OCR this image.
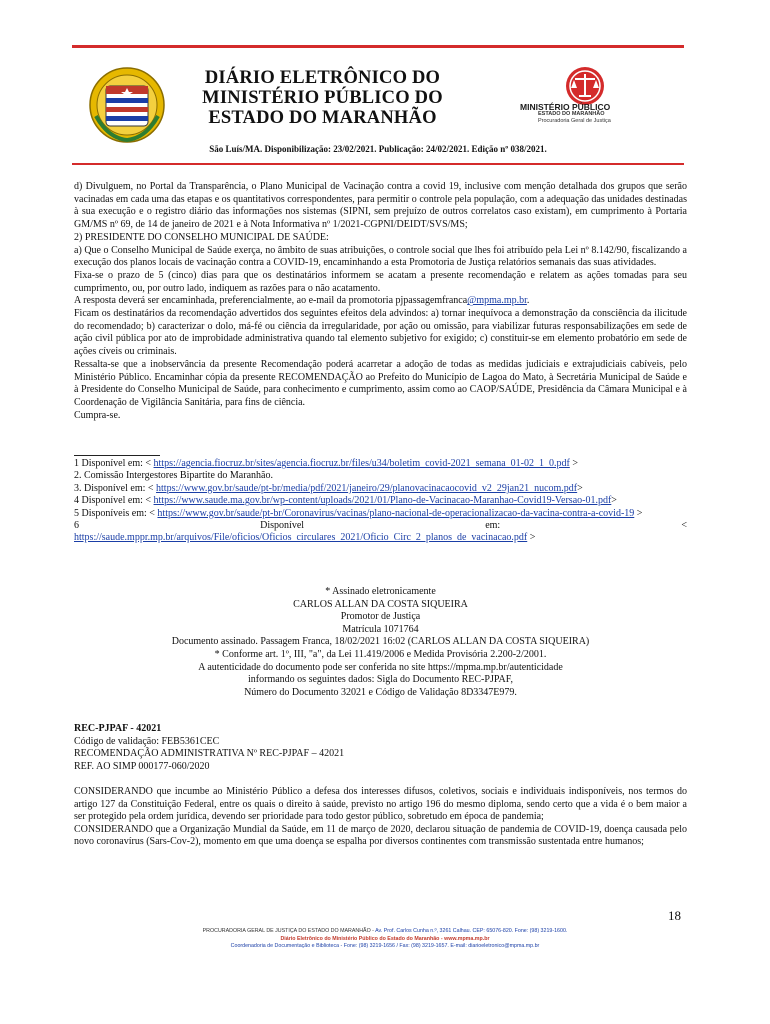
DIÁRIO ELETRÔNICO DO
MINISTÉRIO PÚBLICO DO
ESTADO DO MARANHÃO
MINISTÉRIO PÚBLICO
ESTADO DO MARANHÃO
Procuradoria Geral de Justiça
São Luís/MA. Disponibilização: 23/02/2021. Publicação: 24/02/2021. Edição nº 038/2021.

d) Divulguem, no Portal da Transparência, o Plano Municipal de Vacinação contra a covid 19, inclusive com menção detalhada dos grupos que serão vacinadas em cada uma das etapas e os quantitativos correspondentes, para permitir o controle pela população, com a adequação das unidades destinadas à sua execução e o registro diário das informações nos sistemas (SIPNI, sem prejuízo de outros correlatos caso existam), em cumprimento à Portaria GM/MS nº 69, de 14 de janeiro de 2021 e à Nota Informativa nº 1/2021-CGPNI/DEIDT/SVS/MS;

2) PRESIDENTE DO CONSELHO MUNICIPAL DE SAÚDE:

a) Que o Conselho Municipal de Saúde exerça, no âmbito de suas atribuições, o controle social que lhes foi atribuído pela Lei nº 8.142/90, fiscalizando a execução dos planos locais de vacinação contra a COVID-19, encaminhando a esta Promotoria de Justiça relatórios semanais das suas atividades.

Fixa-se o prazo de 5 (cinco) dias para que os destinatários informem se acatam a presente recomendação e relatem as ações tomadas para seu cumprimento, ou, por outro lado, indiquem as razões para o não acatamento.

A resposta deverá ser encaminhada, preferencialmente, ao e-mail da promotoria pjpassagemfranca@mpma.mp.br.

Ficam os destinatários da recomendação advertidos dos seguintes efeitos dela advindos: a) tornar inequívoca a demonstração da consciência da ilicitude do recomendado; b) caracterizar o dolo, má-fé ou ciência da irregularidade, por ação ou omissão, para viabilizar futuras responsabilizações em sede de ação civil pública por ato de improbidade administrativa quando tal elemento subjetivo for exigido; c) constituir-se em elemento probatório em sede de ações cíveis ou criminais.

Ressalta-se que a inobservância da presente Recomendação poderá acarretar a adoção de todas as medidas judiciais e extrajudiciais cabíveis, pelo Ministério Público. Encaminhar cópia da presente RECOMENDAÇÃO ao Prefeito do Município de Lagoa do Mato, à Secretária Municipal de Saúde e à Presidente do Conselho Municipal de Saúde, para conhecimento e cumprimento, assim como ao CAOP/SAÚDE, Presidência da Câmara Municipal e à Coordenação de Vigilância Sanitária, para fins de ciência.

Cumpra-se.

1 Disponível em: < https://agencia.fiocruz.br/sites/agencia.fiocruz.br/files/u34/boletim_covid-2021_semana_01-02_1_0.pdf >

2. Comissão Intergestores Bipartite do Maranhão.

3. Disponível em: < https://www.gov.br/saude/pt-br/media/pdf/2021/janeiro/29/planovacinacaocovid_v2_29jan21_nucom.pdf>

4 Disponível em: < https://www.saude.ma.gov.br/wp-content/uploads/2021/01/Plano-de-Vacinacao-Maranhao-Covid19-Versao-01.pdf>

5 Disponíveis em: < https://www.gov.br/saude/pt-br/Coronavirus/vacinas/plano-nacional-de-operacionalizacao-da-vacina-contra-a-covid-19 >

6	Disponível	em:	<

https://saude.mppr.mp.br/arquivos/File/oficios/Oficios_circulares_2021/Oficio_Circ_2_planos_de_vacinacao.pdf >

* Assinado eletronicamente

CARLOS ALLAN DA COSTA SIQUEIRA

Promotor de Justiça

Matrícula 1071764

Documento assinado. Passagem Franca, 18/02/2021 16:02 (CARLOS ALLAN DA COSTA SIQUEIRA)

* Conforme art. 1º, III, "a", da Lei 11.419/2006 e Medida Provisória 2.200-2/2001.

A autenticidade do documento pode ser conferida no site https://mpma.mp.br/autenticidade

informando os seguintes dados: Sigla do Documento REC-PJPAF,

Número do Documento 32021 e Código de Validação 8D3347E979.

REC-PJPAF - 42021

Código de validação: FEB5361CEC

RECOMENDAÇÃO ADMINISTRATIVA Nº REC-PJPAF – 42021

REF. AO SIMP 000177-060/2020

CONSIDERANDO que incumbe ao Ministério Público a defesa dos interesses difusos, coletivos, sociais e individuais indisponíveis, nos termos do artigo 127 da Constituição Federal, entre os quais o direito à saúde, previsto no artigo 196 do mesmo diploma, sendo certo que a vida é o bem maior a ser protegido pela ordem jurídica, devendo ser prioridade para todo gestor público, sobretudo em época de pandemia;

CONSIDERANDO que a Organização Mundial da Saúde, em 11 de março de 2020, declarou situação de pandemia de COVID-19, doença causada pelo novo coronavírus (Sars-Cov-2), momento em que uma doença se espalha por diversos continentes com transmissão sustentada entre humanos;

18
PROCURADORIA GERAL DE JUSTIÇA DO ESTADO DO MARANHÃO - Av. Prof. Carlos Cunha n.º, 3261 Calhau. CEP: 65076-820. Fone: (98) 3219-1600.
Diário Eletrônico do Ministério Público do Estado do Maranhão - www.mpma.mp.br
Coordenadoria de Documentação e Biblioteca - Fone: (98) 3219-1656 / Fax: (98) 3219-1657. E-mail: diarioeletronico@mpma.mp.br
